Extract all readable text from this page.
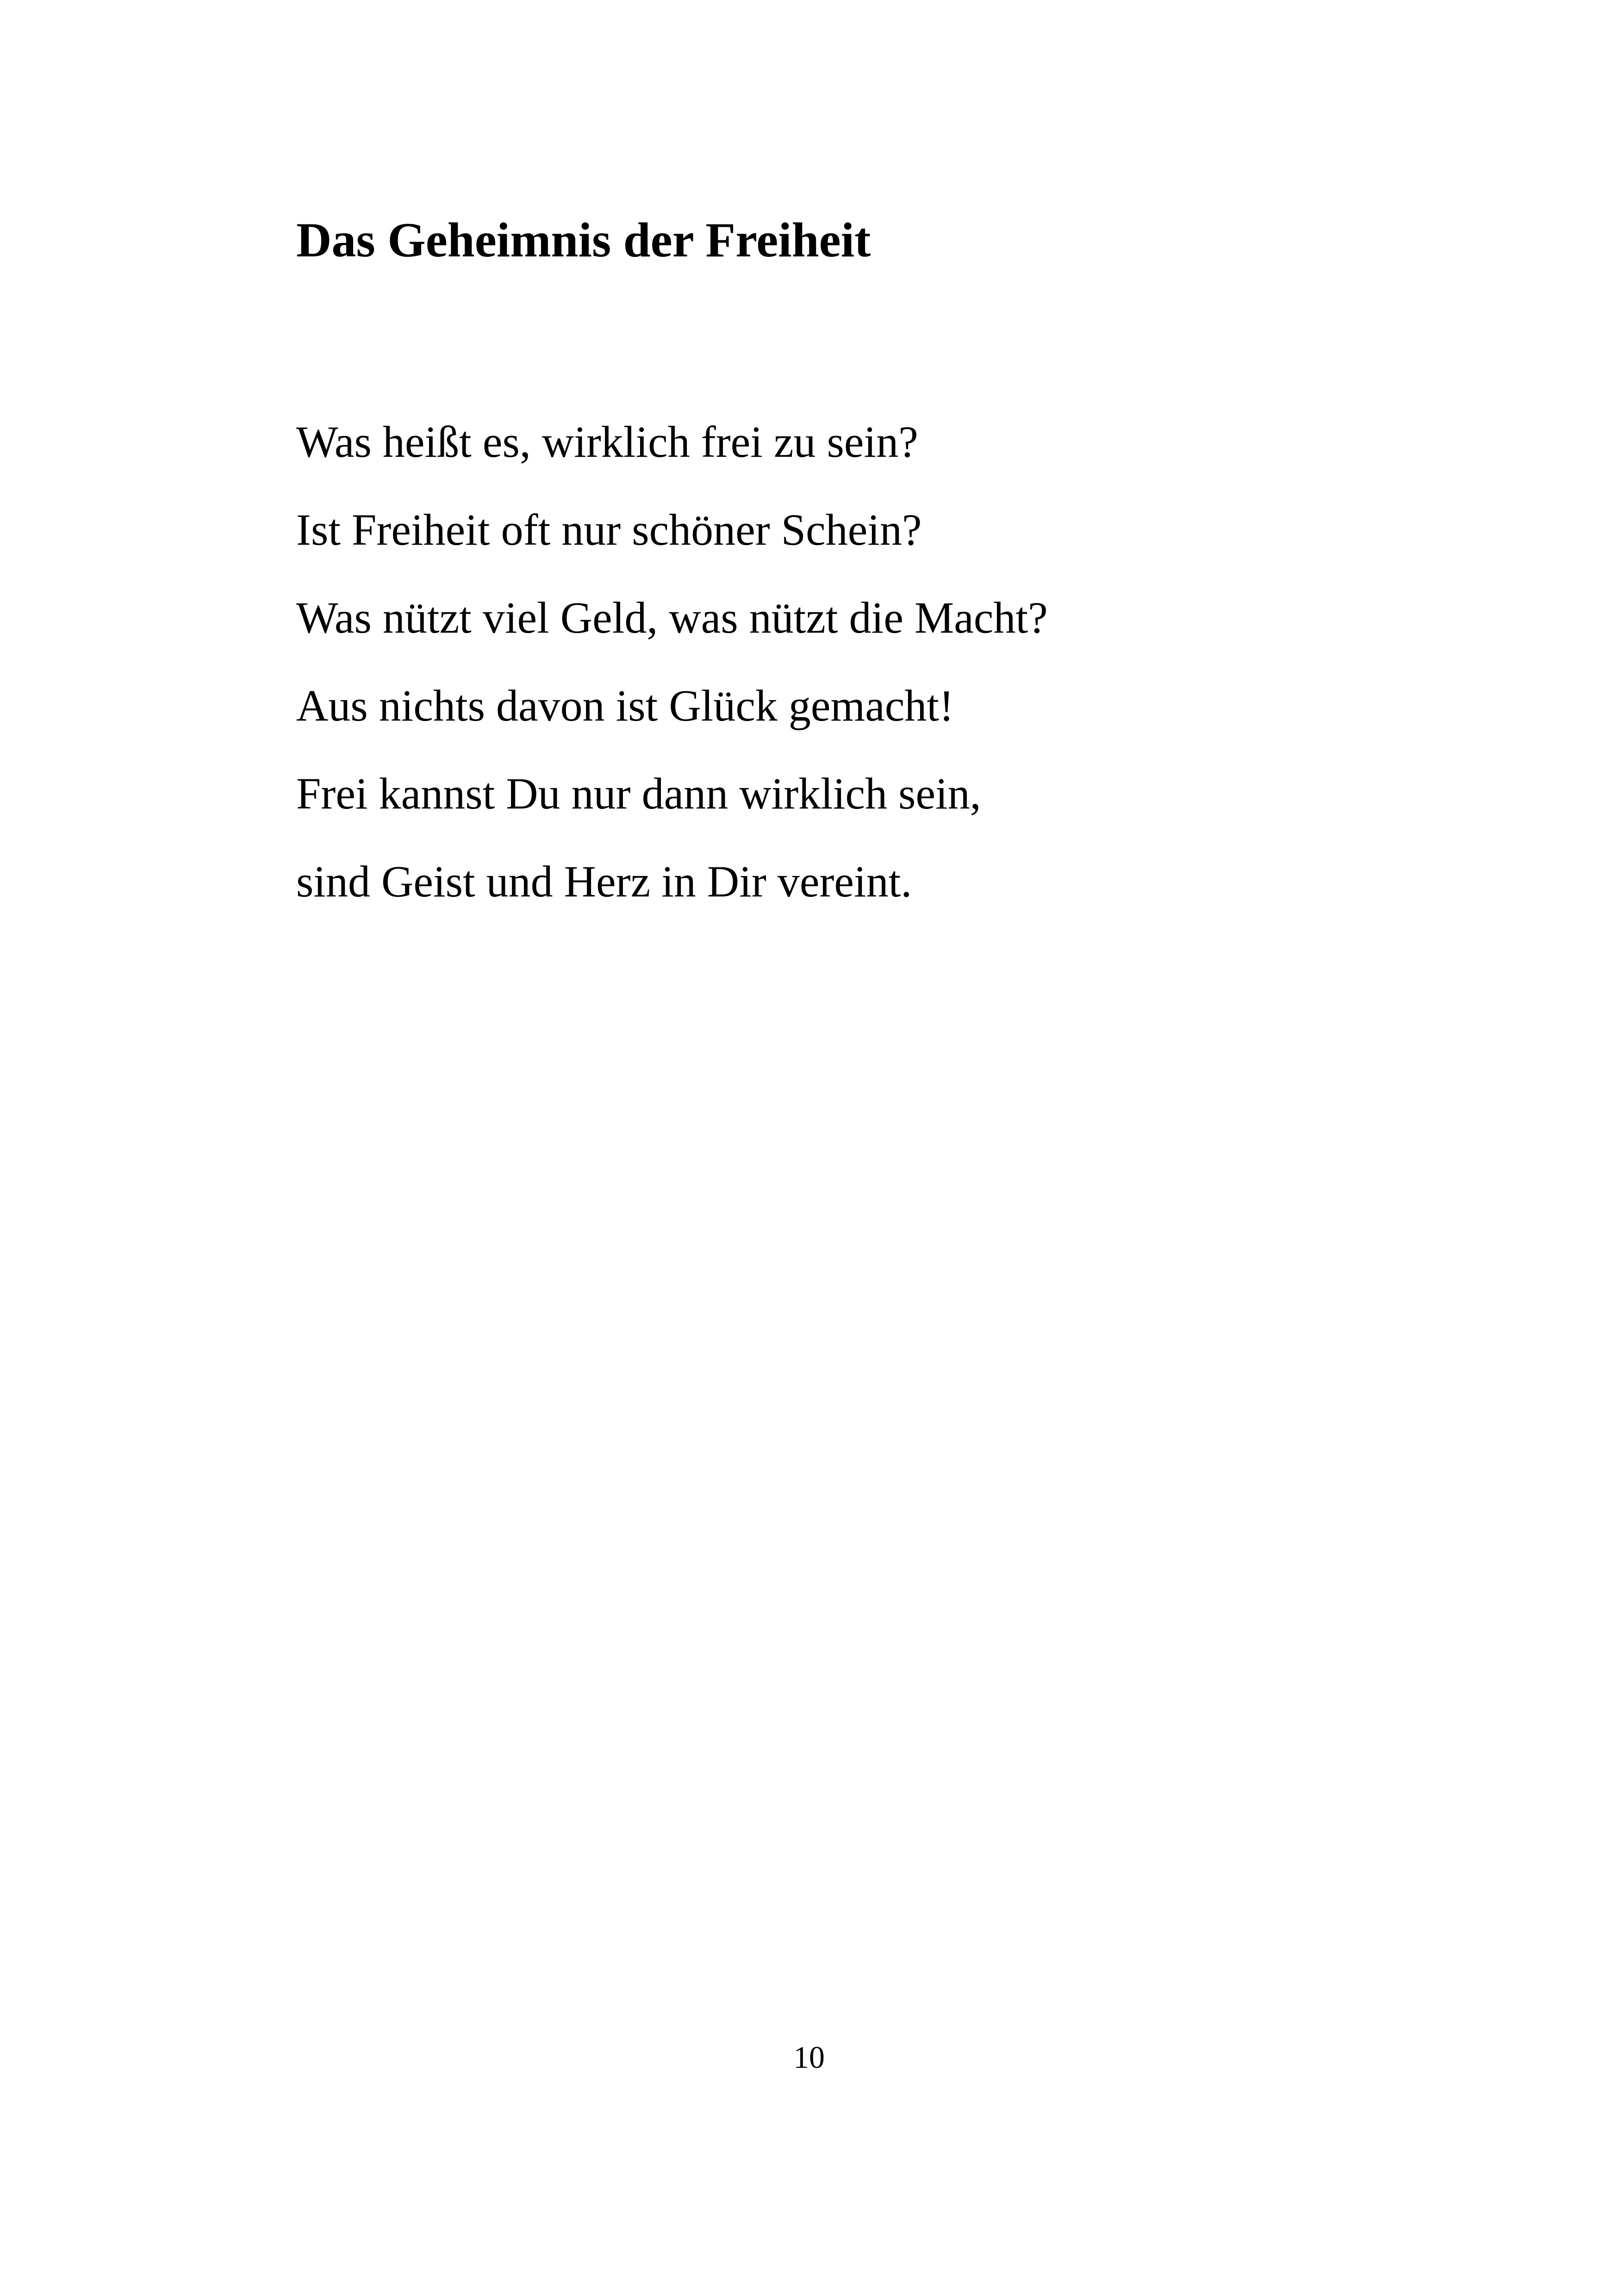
Das Geheimnis der Freiheit
Was heißt es, wirklich frei zu sein?
Ist Freiheit oft nur schöner Schein?
Was nützt viel Geld, was nützt die Macht?
Aus nichts davon ist Glück gemacht!
Frei kannst Du nur dann wirklich sein,
sind Geist und Herz in Dir vereint.
10
